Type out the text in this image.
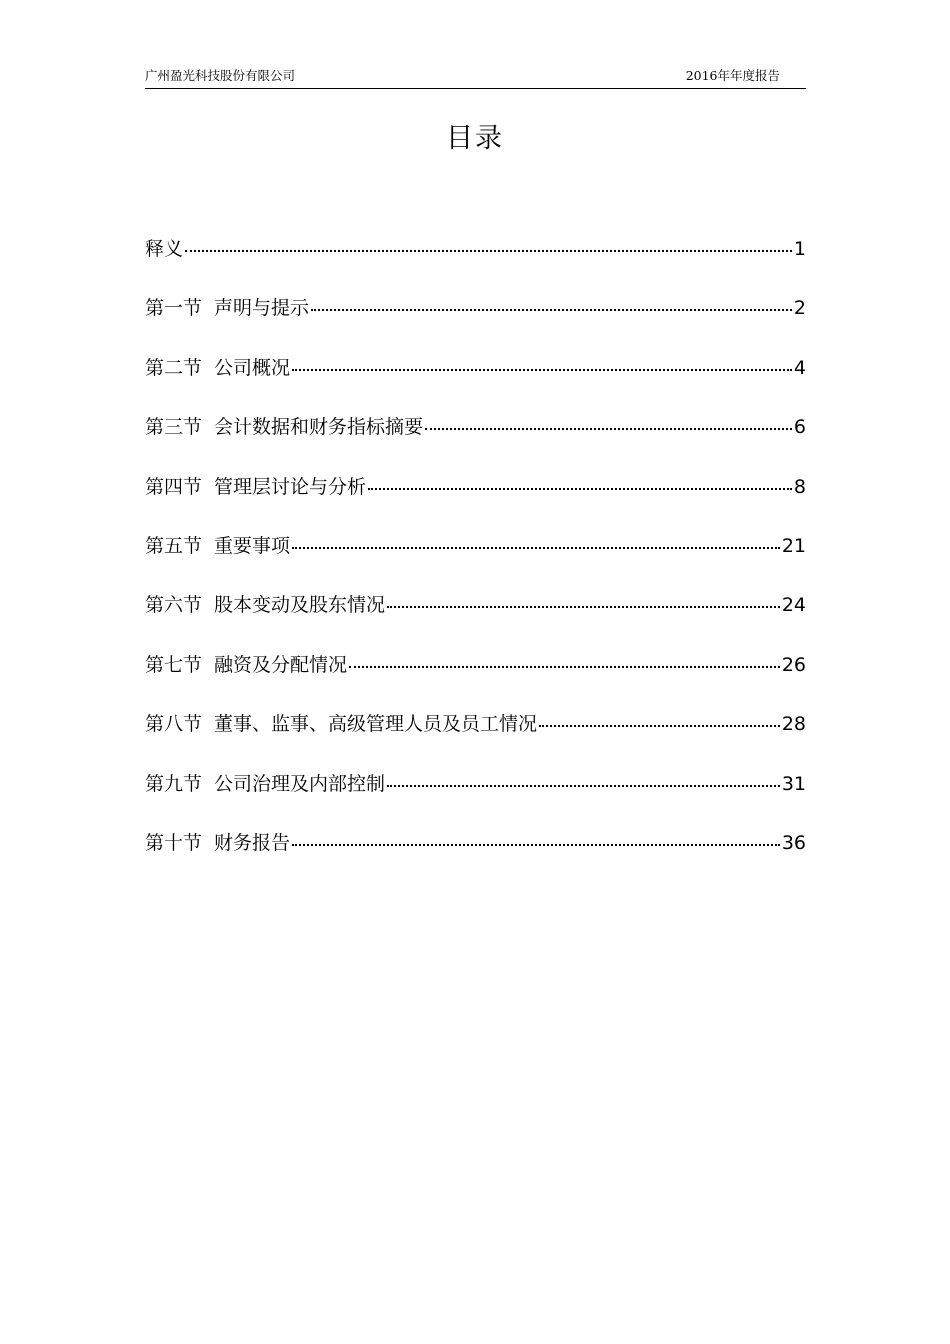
广州盈光科技股份有限公司	2016年年度报告
目录
释义	1
第一节 声明与提示	2
第二节 公司概况	4
第三节 会计数据和财务指标摘要	6
第四节 管理层讨论与分析	8
第五节 重要事项	21
第六节 股本变动及股东情况	24
第七节 融资及分配情况	26
第八节 董事、监事、高级管理人员及员工情况	28
第九节 公司治理及内部控制	31
第十节 财务报告	36
